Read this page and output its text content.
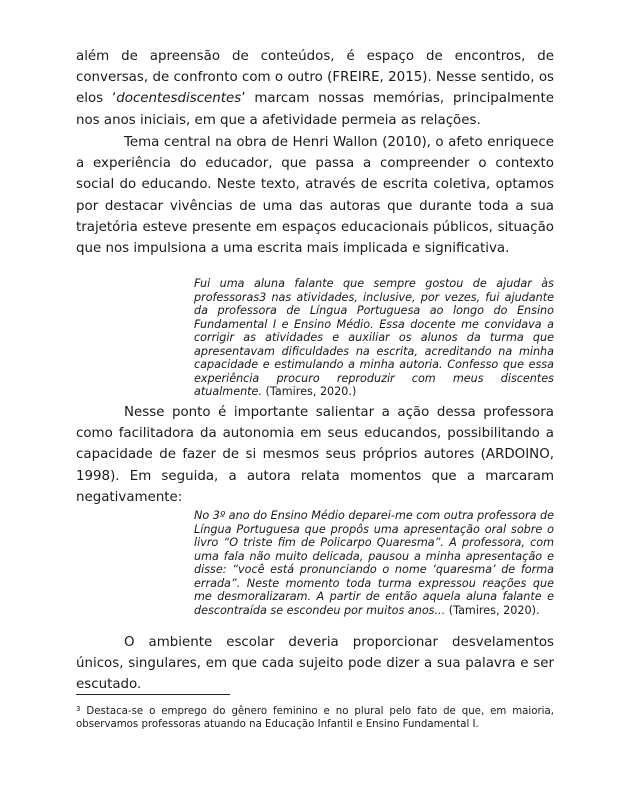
além de apreensão de conteúdos, é espaço de encontros, de conversas, de confronto com o outro (FREIRE, 2015). Nesse sentido, os elos ‘docentesdiscentes’ marcam nossas memórias, principalmente nos anos iniciais, em que a afetividade permeia as relações.

Tema central na obra de Henri Wallon (2010), o afeto enriquece a experiência do educador, que passa a compreender o contexto social do educando. Neste texto, através de escrita coletiva, optamos por destacar vivências de uma das autoras que durante toda a sua trajetória esteve presente em espaços educacionais públicos, situação que nos impulsiona a uma escrita mais implicada e significativa.

Fui uma aluna falante que sempre gostou de ajudar às professoras3 nas atividades, inclusive, por vezes, fui ajudante da professora de Língua Portuguesa ao longo do Ensino Fundamental I e Ensino Médio. Essa docente me convidava a corrigir as atividades e auxiliar os alunos da turma que apresentavam dificuldades na escrita, acreditando na minha capacidade e estimulando a minha autoria. Confesso que essa experiência procuro reproduzir com meus discentes atualmente. (Tamires, 2020.)

Nesse ponto é importante salientar a ação dessa professora como facilitadora da autonomia em seus educandos, possibilitando a capacidade de fazer de si mesmos seus próprios autores (ARDOINO, 1998). Em seguida, a autora relata momentos que a marcaram negativamente:

No 3º ano do Ensino Médio deparei-me com outra professora de Língua Portuguesa que propôs uma apresentação oral sobre o livro “O triste fim de Policarpo Quaresma”. A professora, com uma fala não muito delicada, pausou a minha apresentação e disse: “você está pronunciando o nome ‘quaresma’ de forma errada”. Neste momento toda turma expressou reações que me desmoralizaram. A partir de então aquela aluna falante e descontraída se escondeu por muitos anos... (Tamires, 2020).

O ambiente escolar deveria proporcionar desvelamentos únicos, singulares, em que cada sujeito pode dizer a sua palavra e ser escutado.

$^3$ Destaca-se o emprego do gênero feminino e no plural pelo fato de que, em maioria, observamos professoras atuando na Educação Infantil e Ensino Fundamental I.
